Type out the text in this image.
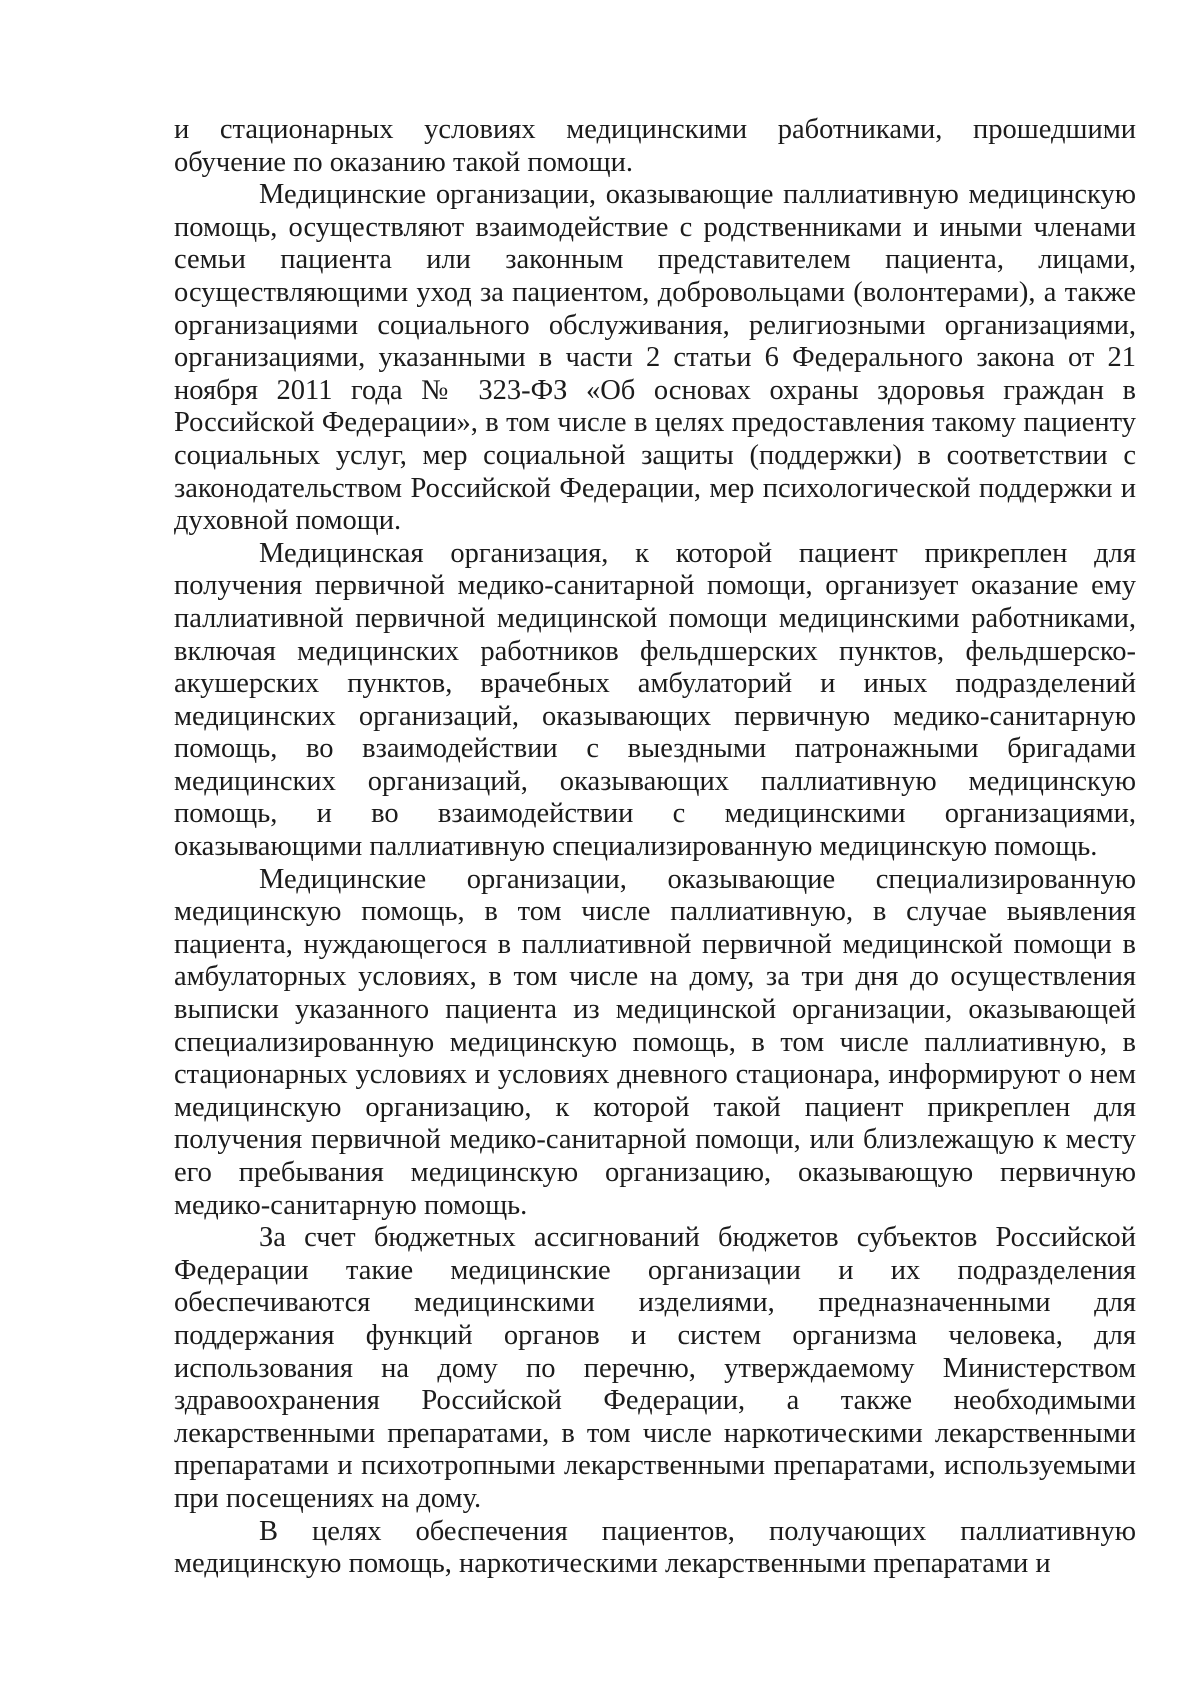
и стационарных условиях медицинскими работниками, прошедшими обучение по оказанию такой помощи.

Медицинские организации, оказывающие паллиативную медицинскую помощь, осуществляют взаимодействие с родственниками и иными членами семьи пациента или законным представителем пациента, лицами, осуществляющими уход за пациентом, добровольцами (волонтерами), а также организациями социального обслуживания, религиозными организациями, организациями, указанными в части 2 статьи 6 Федерального закона от 21 ноября 2011 года № 323-ФЗ «Об основах охраны здоровья граждан в Российской Федерации», в том числе в целях предоставления такому пациенту социальных услуг, мер социальной защиты (поддержки) в соответствии с законодательством Российской Федерации, мер психологической поддержки и духовной помощи.

Медицинская организация, к которой пациент прикреплен для получения первичной медико-санитарной помощи, организует оказание ему паллиативной первичной медицинской помощи медицинскими работниками, включая медицинских работников фельдшерских пунктов, фельдшерско-акушерских пунктов, врачебных амбулаторий и иных подразделений медицинских организаций, оказывающих первичную медико-санитарную помощь, во взаимодействии с выездными патронажными бригадами медицинских организаций, оказывающих паллиативную медицинскую помощь, и во взаимодействии с медицинскими организациями, оказывающими паллиативную специализированную медицинскую помощь.

Медицинские организации, оказывающие специализированную медицинскую помощь, в том числе паллиативную, в случае выявления пациента, нуждающегося в паллиативной первичной медицинской помощи в амбулаторных условиях, в том числе на дому, за три дня до осуществления выписки указанного пациента из медицинской организации, оказывающей специализированную медицинскую помощь, в том числе паллиативную, в стационарных условиях и условиях дневного стационара, информируют о нем медицинскую организацию, к которой такой пациент прикреплен для получения первичной медико-санитарной помощи, или близлежащую к месту его пребывания медицинскую организацию, оказывающую первичную медико-санитарную помощь.

За счет бюджетных ассигнований бюджетов субъектов Российской Федерации такие медицинские организации и их подразделения обеспечиваются медицинскими изделиями, предназначенными для поддержания функций органов и систем организма человека, для использования на дому по перечню, утверждаемому Министерством здравоохранения Российской Федерации, а также необходимыми лекарственными препаратами, в том числе наркотическими лекарственными препаратами и психотропными лекарственными препаратами, используемыми при посещениях на дому.

В целях обеспечения пациентов, получающих паллиативную медицинскую помощь, наркотическими лекарственными препаратами и
